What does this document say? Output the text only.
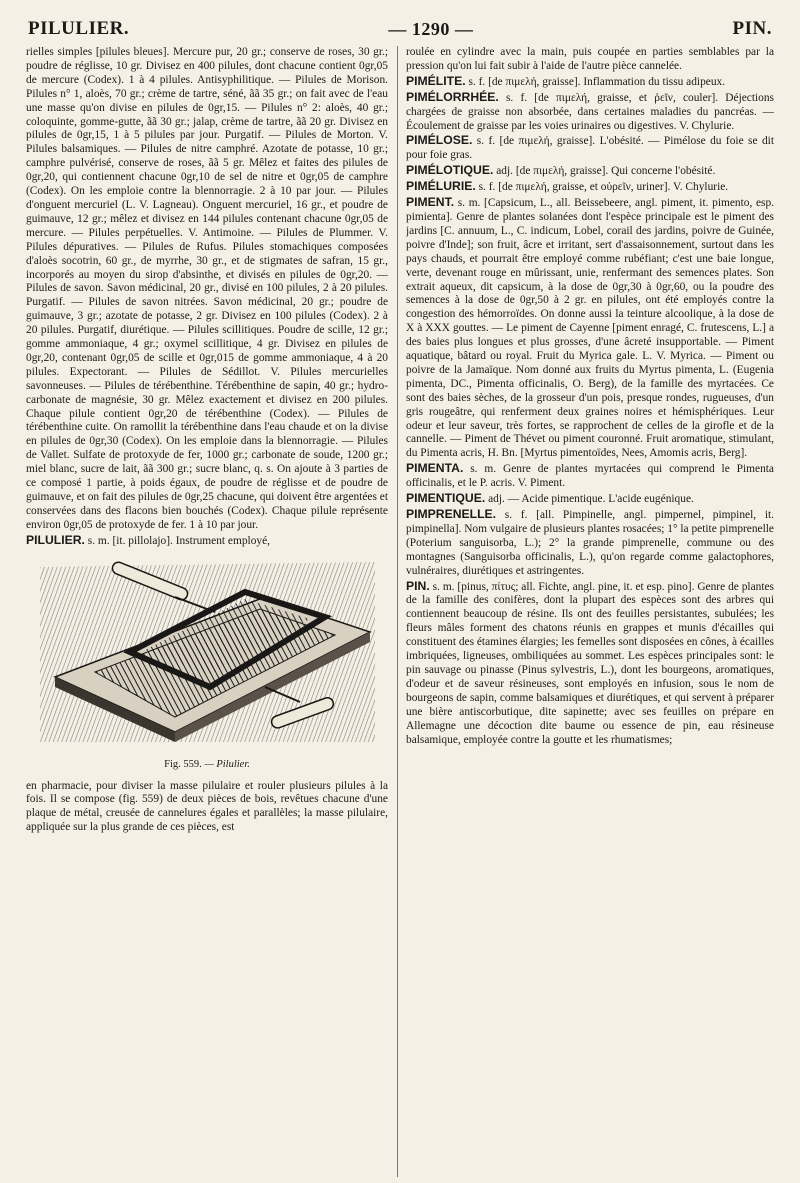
PILULIER.	— 1290 —	PIN.

rielles simples [pilules bleues]. Mercure pur, 20 gr.; conserve de roses, 30 gr.; poudre de réglisse, 10 gr. Divisez en 400 pilules, dont chacune contient 0gr,05 de mercure (Codex). 1 à 4 pilules. Antisyphilitique. — Pilules de Morison. Pilules n° 1, aloès, 70 gr.; crème de tartre, séné, ãã 35 gr.; on fait avec de l'eau une masse qu'on divise en pilules de 0gr,15. — Pilules n° 2: aloès, 40 gr.; coloquinte, gomme-gutte, ãã 30 gr.; jalap, crème de tartre, ãã 20 gr. Divisez en pilules de 0gr,15, 1 à 5 pilules par jour. Purgatif. — Pilules de Morton. V. Pilules balsamiques. — Pilules de nitre camphré. Azotate de potasse, 10 gr.; camphre pulvérisé, conserve de roses, ãã 5 gr. Mêlez et faites des pilules de 0gr,20, qui contiennent chacune 0gr,10 de sel de nitre et 0gr,05 de camphre (Codex). On les emploie contre la blennorragie. 2 à 10 par jour. — Pilules d'onguent mercuriel (L. V. Lagneau). Onguent mercuriel, 16 gr., et poudre de guimauve, 12 gr.; mêlez et divisez en 144 pilules contenant chacune 0gr,05 de mercure. — Pilules perpétuelles. V. Antimoine. — Pilules de Plummer. V. Pilules dépuratives. — Pilules de Rufus. Pilules stomachiques composées d'aloès socotrin, 60 gr., de myrrhe, 30 gr., et de stigmates de safran, 15 gr., incorporés au moyen du sirop d'absinthe, et divisés en pilules de 0gr,20. — Pilules de savon. Savon médicinal, 20 gr., divisé en 100 pilules, 2 à 20 pilules. Purgatif. — Pilules de savon nitrées. Savon médicinal, 20 gr.; poudre de guimauve, 3 gr.; azotate de potasse, 2 gr. Divisez en 100 pilules (Codex). 2 à 20 pilules. Purgatif, diurétique. — Pilules scillitiques. Poudre de scille, 12 gr.; gomme ammoniaque, 4 gr.; oxymel scillitique, 4 gr. Divisez en pilules de 0gr,20, contenant 0gr,05 de scille et 0gr,015 de gomme ammoniaque, 4 à 20 pilules. Expectorant. — Pilules de Sédillot. V. Pilules mercurielles savonneuses. — Pilules de térébenthine. Térébenthine de sapin, 40 gr.; hydro-carbonate de magnésie, 30 gr. Mêlez exactement et divisez en 200 pilules. Chaque pilule contient 0gr,20 de térébenthine (Codex). — Pilules de térébenthine cuite. On ramollit la térébenthine dans l'eau chaude et on la divise en pilules de 0gr,30 (Codex). On les emploie dans la blennorragie. — Pilules de Vallet. Sulfate de protoxyde de fer, 1000 gr.; carbonate de soude, 1200 gr.; miel blanc, sucre de lait, ãã 300 gr.; sucre blanc, q. s. On ajoute à 3 parties de ce composé 1 partie, à poids égaux, de poudre de réglisse et de poudre de guimauve, et on fait des pilules de 0gr,25 chacune, qui doivent être argentées et conservées dans des flacons bien bouchés (Codex). Chaque pilule représente environ 0gr,05 de protoxyde de fer. 1 à 10 par jour.

PILULIER. s. m. [it. pillolajo]. Instrument employé,

Fig. 559. — Pilulier.

en pharmacie, pour diviser la masse pilulaire et rouler plusieurs pilules à la fois. Il se compose (fig. 559) de deux pièces de bois, revêtues chacune d'une plaque de métal, creusée de cannelures égales et parallèles; la masse pilulaire, appliquée sur la plus grande de ces pièces, est

roulée en cylindre avec la main, puis coupée en parties semblables par la pression qu'on lui fait subir à l'aide de l'autre pièce cannelée.

PIMÉLITE. s. f. [de πιμελή, graisse]. Inflammation du tissu adipeux.

PIMÉLORRHÉE. s. f. [de πιμελή, graisse, et ῥεῖν, couler]. Déjections chargées de graisse non absorbée, dans certaines maladies du pancréas. — Écoulement de graisse par les voies urinaires ou digestives. V. Chylurie.

PIMÉLOSE. s. f. [de πιμελή, graisse]. L'obésité. — Pimélose du foie se dit pour foie gras.

PIMÉLOTIQUE. adj. [de πιμελή, graisse]. Qui concerne l'obésité.

PIMÉLURIE. s. f. [de πιμελή, graisse, et οὐρεῖν, uriner]. V. Chylurie.

PIMENT. s. m. [Capsicum, L., all. Beissebeere, angl. piment, it. pimento, esp. pimienta]. Genre de plantes solanées dont l'espèce principale est le piment des jardins [C. annuum, L., C. indicum, Lobel, corail des jardins, poivre de Guinée, poivre d'Inde]; son fruit, âcre et irritant, sert d'assaisonnement, surtout dans les pays chauds, et pourrait être employé comme rubéfiant; c'est une baie longue, verte, devenant rouge en mûrissant, unie, renfermant des semences plates. Son extrait aqueux, dit capsicum, à la dose de 0gr,30 à 0gr,60, ou la poudre des semences à la dose de 0gr,50 à 2 gr. en pilules, ont été employés contre la congestion des hémorroïdes. On donne aussi la teinture alcoolique, à la dose de X à XXX gouttes. — Le piment de Cayenne [piment enragé, C. frutescens, L.] a des baies plus longues et plus grosses, d'une âcreté insupportable. — Piment aquatique, bâtard ou royal. Fruit du Myrica gale. L. V. Myrica. — Piment ou poivre de la Jamaïque. Nom donné aux fruits du Myrtus pimenta, L. (Eugenia pimenta, DC., Pimenta officinalis, O. Berg), de la famille des myrtacées. Ce sont des baies sèches, de la grosseur d'un pois, presque rondes, rugueuses, d'un gris rougeâtre, qui renferment deux graines noires et hémisphériques. Leur odeur et leur saveur, très fortes, se rapprochent de celles de la girofle et de la cannelle. — Piment de Thévet ou piment couronné. Fruit aromatique, stimulant, du Pimenta acris, H. Bn. [Myrtus pimentoïdes, Nees, Amomis acris, Berg].

PIMENTA. s. m. Genre de plantes myrtacées qui comprend le Pimenta officinalis, et le P. acris. V. Piment.

PIMENTIQUE. adj. — Acide pimentique. L'acide eugénique.

PIMPRENELLE. s. f. [all. Pimpinelle, angl. pimpernel, pimpinel, it. pimpinella]. Nom vulgaire de plusieurs plantes rosacées; 1° la petite pimprenelle (Poterium sanguisorba, L.); 2° la grande pimprenelle, commune ou des montagnes (Sanguisorba officinalis, L.), qu'on regarde comme galactophores, vulnéraires, diurétiques et astringentes.

PIN. s. m. [pinus, πίτυς; all. Fichte, angl. pine, it. et esp. pino]. Genre de plantes de la famille des conifères, dont la plupart des espèces sont des arbres qui contiennent beaucoup de résine. Ils ont des feuilles persistantes, subulées; les fleurs mâles forment des chatons réunis en grappes et munis d'écailles qui constituent des étamines élargies; les femelles sont disposées en cônes, à écailles imbriquées, ligneuses, ombiliquées au sommet. Les espèces principales sont: le pin sauvage ou pinasse (Pinus sylvestris, L.), dont les bourgeons, aromatiques, d'odeur et de saveur résineuses, sont employés en infusion, sous le nom de bourgeons de sapin, comme balsamiques et diurétiques, et qui servent à préparer une bière antiscorbutique, dite sapinette; avec ses feuilles on prépare en Allemagne une décoction dite baume ou essence de pin, eau résineuse balsamique, employée contre la goutte et les rhumatismes;
